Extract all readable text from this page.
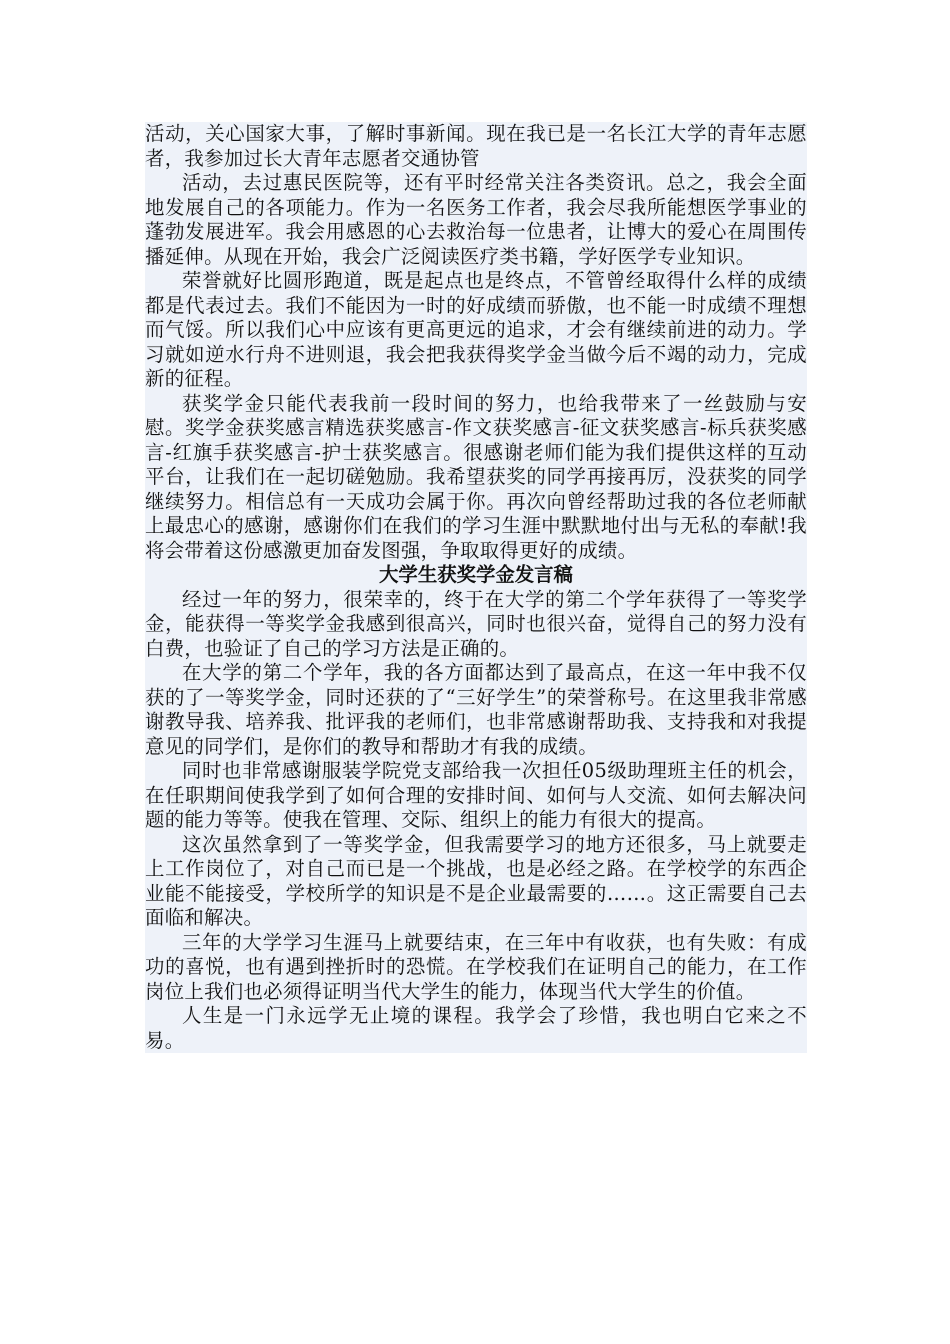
活动，关心国家大事，了解时事新闻。现在我已是一名长江大学的青年志愿者，我参加过长大青年志愿者交通协管

活动，去过惠民医院等，还有平时经常关注各类资讯。总之，我会全面地发展自己的各项能力。作为一名医务工作者，我会尽我所能想医学事业的蓬勃发展进军。我会用感恩的心去救治每一位患者，让博大的爱心在周围传播延伸。从现在开始，我会广泛阅读医疗类书籍，学好医学专业知识。

荣誉就好比圆形跑道，既是起点也是终点，不管曾经取得什么样的成绩都是代表过去。我们不能因为一时的好成绩而骄傲，也不能一时成绩不理想而气馁。所以我们心中应该有更高更远的追求，才会有继续前进的动力。学习就如逆水行舟不进则退，我会把我获得奖学金当做今后不竭的动力，完成新的征程。

获奖学金只能代表我前一段时间的努力，也给我带来了一丝鼓励与安慰。奖学金获奖感言精选获奖感言-作文获奖感言-征文获奖感言-标兵获奖感言-红旗手获奖感言-护士获奖感言。很感谢老师们能为我们提供这样的互动平台，让我们在一起切磋勉励。我希望获奖的同学再接再厉，没获奖的同学继续努力。相信总有一天成功会属于你。再次向曾经帮助过我的各位老师献上最忠心的感谢，感谢你们在我们的学习生涯中默默地付出与无私的奉献!我将会带着这份感激更加奋发图强，争取取得更好的成绩。

大学生获奖学金发言稿

经过一年的努力，很荣幸的，终于在大学的第二个学年获得了一等奖学金，能获得一等奖学金我感到很高兴，同时也很兴奋，觉得自己的努力没有白费，也验证了自己的学习方法是正确的。

在大学的第二个学年，我的各方面都达到了最高点，在这一年中我不仅获的了一等奖学金，同时还获的了“三好学生”的荣誉称号。在这里我非常感谢教导我、培养我、批评我的老师们，也非常感谢帮助我、支持我和对我提意见的同学们，是你们的教导和帮助才有我的成绩。

同时也非常感谢服装学院党支部给我一次担任05级助理班主任的机会，在任职期间使我学到了如何合理的安排时间、如何与人交流、如何去解决问题的能力等等。使我在管理、交际、组织上的能力有很大的提高。

这次虽然拿到了一等奖学金，但我需要学习的地方还很多，马上就要走上工作岗位了，对自己而已是一个挑战，也是必经之路。在学校学的东西企业能不能接受，学校所学的知识是不是企业最需要的……。这正需要自己去面临和解决。

三年的大学学习生涯马上就要结束，在三年中有收获，也有失败：有成功的喜悦，也有遇到挫折时的恐慌。在学校我们在证明自己的能力，在工作岗位上我们也必须得证明当代大学生的能力，体现当代大学生的价值。

人生是一门永远学无止境的课程。我学会了珍惜，我也明白它来之不易。
